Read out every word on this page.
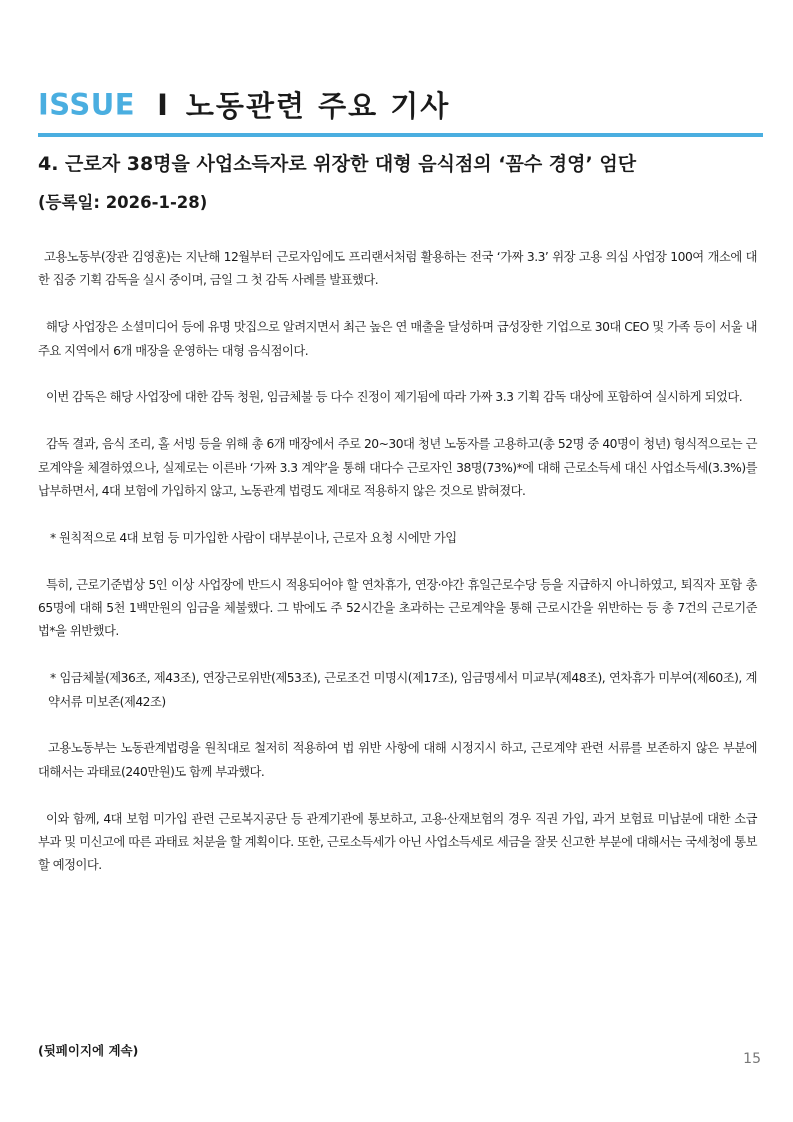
ISSUE I 노동관련 주요 기사
4. 근로자 38명을 사업소득자로 위장한 대형 음식점의 ‘꼼수 경영’ 엄단
(등록일: 2026-1-28)

고용노동부(장관 김영훈)는 지난해 12월부터 근로자임에도 프리랜서처럼 활용하는 전국 ‘가짜 3.3’ 위장 고용 의심 사업장 100여 개소에 대한 집중 기획 감독을 실시 중이며, 금일 그 첫 감독 사례를 발표했다.

해당 사업장은 소셜미디어 등에 유명 맛집으로 알려지면서 최근 높은 연 매출을 달성하며 급성장한 기업으로 30대 CEO 및 가족 등이 서울 내 주요 지역에서 6개 매장을 운영하는 대형 음식점이다.

이번 감독은 해당 사업장에 대한 감독 청원, 임금체불 등 다수 진정이 제기됨에 따라 가짜 3.3 기획 감독 대상에 포함하여 실시하게 되었다.

감독 결과, 음식 조리, 홀 서빙 등을 위해 총 6개 매장에서 주로 20~30대 청년 노동자를 고용하고(총 52명 중 40명이 청년) 형식적으로는 근로계약을 체결하였으나, 실제로는 이른바 ‘가짜 3.3 계약’을 통해 대다수 근로자인 38명(73%)*에 대해 근로소득세 대신 사업소득세(3.3%)를 납부하면서, 4대 보험에 가입하지 않고, 노동관계 법령도 제대로 적용하지 않은 것으로 밝혀졌다.

* 원칙적으로 4대 보험 등 미가입한 사람이 대부분이나, 근로자 요청 시에만 가입

특히, 근로기준법상 5인 이상 사업장에 반드시 적용되어야 할 연차휴가, 연장·야간 휴일근로수당 등을 지급하지 아니하였고, 퇴직자 포함 총 65명에 대해 5천 1백만원의 임금을 체불했다. 그 밖에도 주 52시간을 초과하는 근로계약을 통해 근로시간을 위반하는 등 총 7건의 근로기준법*을 위반했다.

* 임금체불(제36조, 제43조), 연장근로위반(제53조), 근로조건 미명시(제17조), 임금명세서 미교부(제48조), 연차휴가 미부여(제60조), 계약서류 미보존(제42조)

고용노동부는 노동관계법령을 원칙대로 철저히 적용하여 법 위반 사항에 대해 시정지시 하고, 근로계약 관련 서류를 보존하지 않은 부분에 대해서는 과태료(240만원)도 함께 부과했다.

이와 함께, 4대 보험 미가입 관련 근로복지공단 등 관계기관에 통보하고, 고용·산재보험의 경우 직권 가입, 과거 보험료 미납분에 대한 소급 부과 및 미신고에 따른 과태료 처분을 할 계획이다. 또한, 근로소득세가 아닌 사업소득세로 세금을 잘못 신고한 부분에 대해서는 국세청에 통보할 예정이다.

(뒷페이지에 계속)
15
